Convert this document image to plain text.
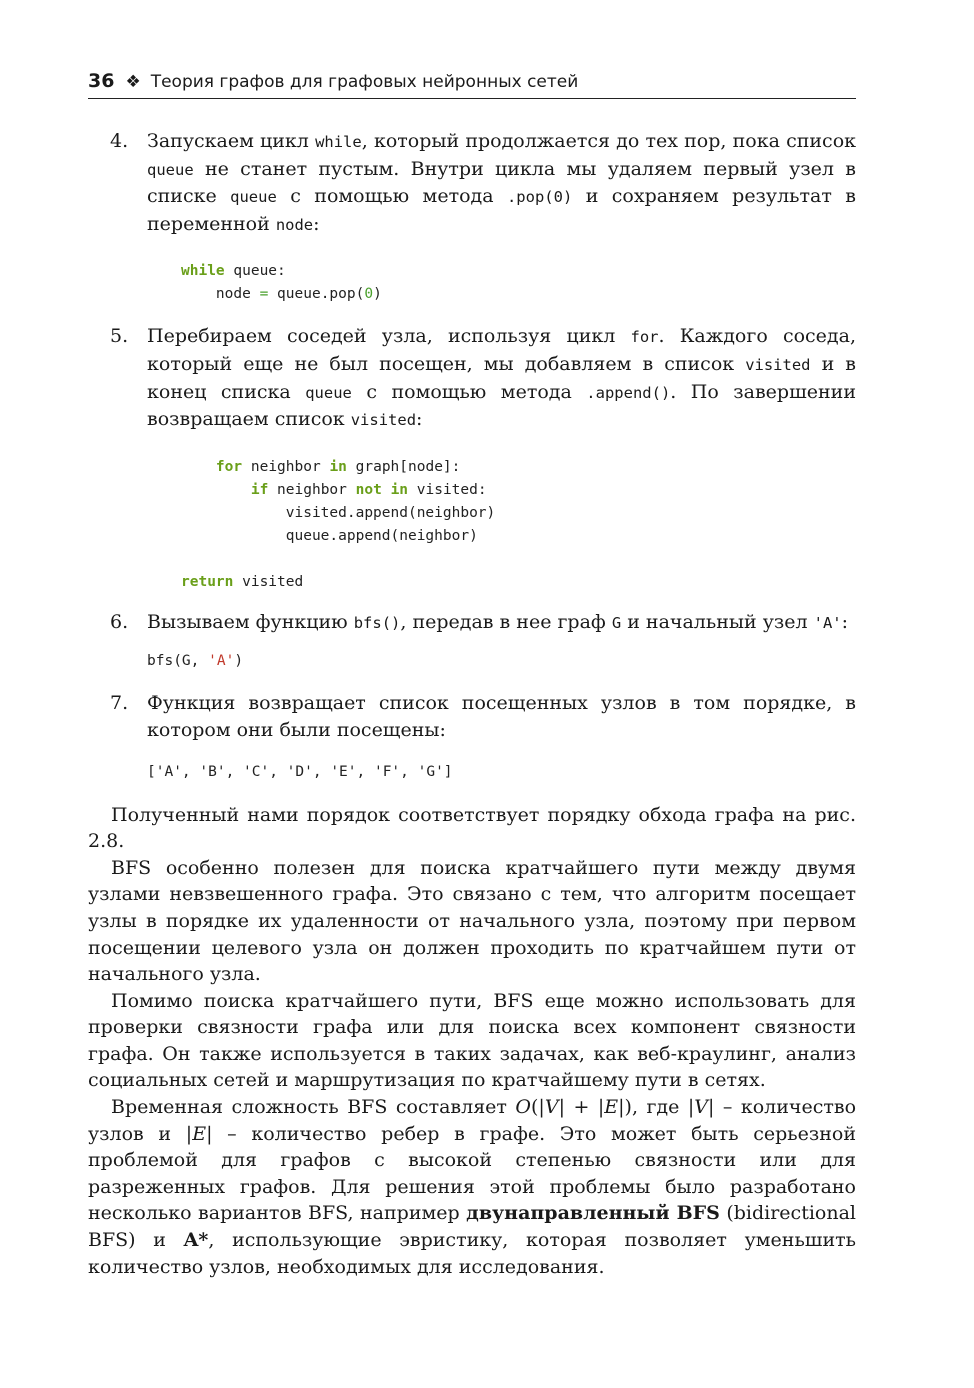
36 ❖ Теория графов для графовых нейронных сетей
4. Запускаем цикл while, который продолжается до тех пор, пока список queue не станет пустым. Внутри цикла мы удаляем первый узел в списке queue с помощью метода .pop(0) и сохраняем результат в переменной node:
while queue:
node = queue.pop(0)
5. Перебираем соседей узла, используя цикл for. Каждого соседа, который еще не был посещен, мы добавляем в список visited и в конец списка queue с помощью метода .append(). По завершении возвращаем список visited:
for neighbor in graph[node]:
if neighbor not in visited:
visited.append(neighbor)
queue.append(neighbor)

return visited
6. Вызываем функцию bfs(), передав в нее граф G и начальный узел 'A':
bfs(G, 'A')
7. Функция возвращает список посещенных узлов в том порядке, в котором они были посещены:
['A', 'B', 'C', 'D', 'E', 'F', 'G']
Полученный нами порядок соответствует порядку обхода графа на рис. 2.8.
BFS особенно полезен для поиска кратчайшего пути между двумя узлами невзвешенного графа. Это связано с тем, что алгоритм посещает узлы в порядке их удаленности от начального узла, поэтому при первом посещении целевого узла он должен проходить по кратчайшем пути от начального узла.
Помимо поиска кратчайшего пути, BFS еще можно использовать для проверки связности графа или для поиска всех компонент связности графа. Он также используется в таких задачах, как веб-краулинг, анализ социальных сетей и маршрутизация по кратчайшему пути в сетях.
Временная сложность BFS составляет O(|V| + |E|), где |V| – количество узлов и |E| – количество ребер в графе. Это может быть серьезной проблемой для графов с высокой степенью связности или для разреженных графов. Для решения этой проблемы было разработано несколько вариантов BFS, например двунаправленный BFS (bidirectional BFS) и A*, использующие эвристику, которая позволяет уменьшить количество узлов, необходимых для исследования.
